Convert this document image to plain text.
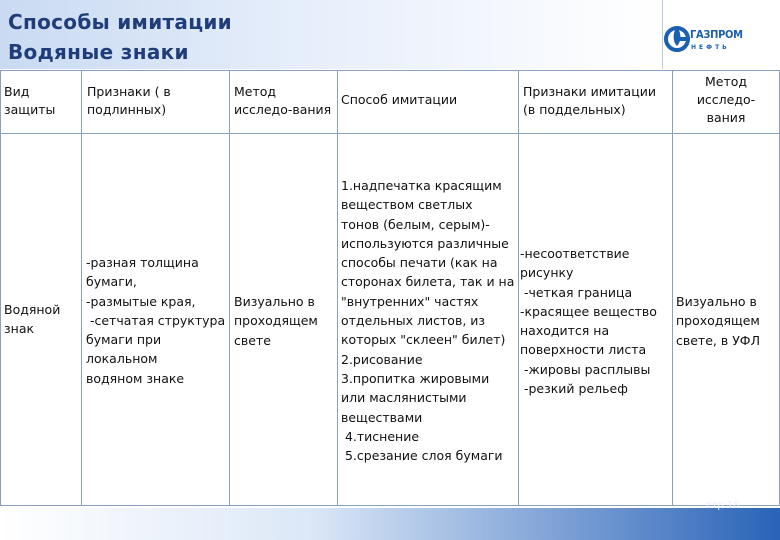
Способы имитации
Водяные знаки
ГАЗПРОМ
НЕФТЬ
Вид
защиты
Признаки ( в
подлинных)
Метод
исследо-вания
Способ имитации
Признаки имитации
(в поддельных)
Метод
исследо-
вания
Водяной
знак
-разная толщина
бумаги,
-размытые края,
-сетчатая структура
бумаги при
локальном
водяном знаке
Визуально в
проходящем
свете
1.надпечатка красящим
веществом светлых
тонов (белым, серым)-
используются различные
способы печати (как на
сторонах билета, так и на
"внутренних" частях
отдельных листов, из
которых "склеен" билет)
2.рисование
3.пропитка жировыми
или маслянистыми
веществами
4.тиснение
5.срезание слоя бумаги
-несоответствие
рисунку
-четкая граница
-красящее вещество
находится на
поверхности листа
-жировы расплывы
-резкий рельеф
Визуально в
проходящем
свете, в УФЛ
стр.18
